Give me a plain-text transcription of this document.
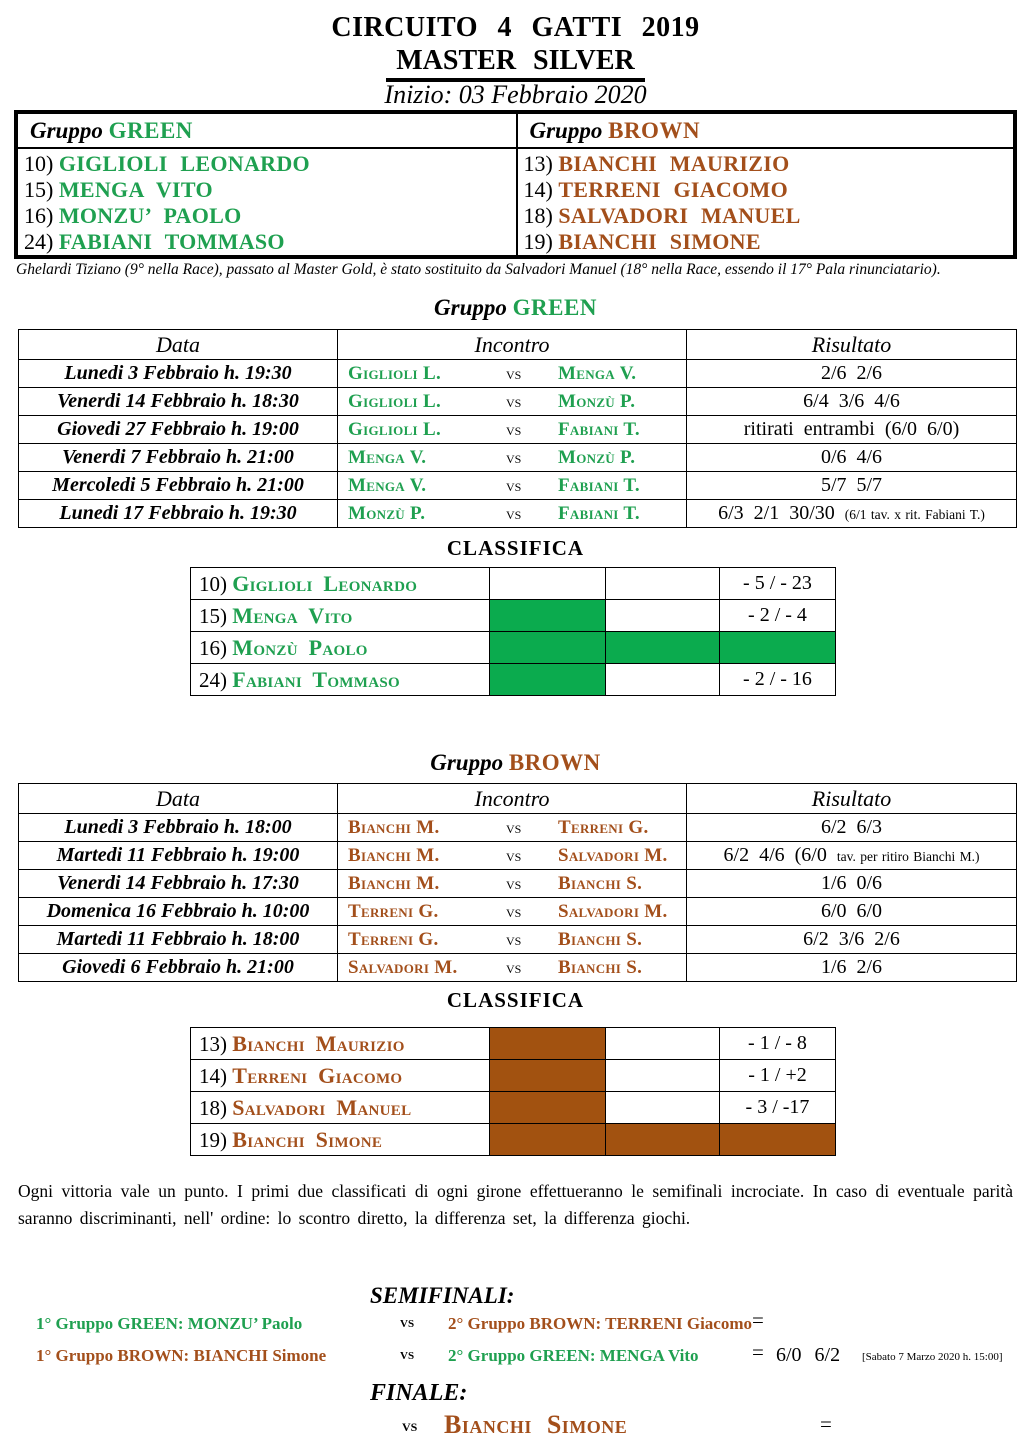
CIRCUITO 4 GATTI 2019
MASTER SILVER
Inizio: 03 Febbraio 2020
Gruppo GREEN
10) GIGLIOLI LEONARDO
15) MENGA VITO
16) MONZU’ PAOLO
24) FABIANI TOMMASO
Gruppo BROWN
13) BIANCHI MAURIZIO
14) TERRENI GIACOMO
18) SALVADORI MANUEL
19) BIANCHI SIMONE

Ghelardi Tiziano (9° nella Race), passato al Master Gold, è stato sostituito da Salvadori Manuel (18° nella Race, essendo il 17° Pala rinunciatario).

Gruppo GREEN
Data	Incontro	Risultato
Lunedi 3 Febbraio h. 19:30	Giglioli L. vs Menga V.	2/6 2/6
Venerdi 14 Febbraio h. 18:30	Giglioli L. vs Monzù P.	6/4 3/6 4/6
Giovedi 27 Febbraio h. 19:00	Giglioli L. vs Fabiani T.	ritirati entrambi (6/0 6/0)
Venerdi 7 Febbraio h. 21:00	Menga V. vs Monzù P.	0/6 4/6
Mercoledi 5 Febbraio h. 21:00	Menga V. vs Fabiani T.	5/7 5/7
Lunedi 17 Febbraio h. 19:30	Monzù P. vs Fabiani T.	6/3 2/1 30/30 (6/1 tav. x rit. Fabiani T.)
CLASSIFICA
10) Giglioli Leonardo			- 5 / - 23
15) Menga Vito			- 2 / - 4
16) Monzù Paolo			
24) Fabiani Tommaso			- 2 / - 16
Gruppo BROWN
Data	Incontro	Risultato
Lunedi 3 Febbraio h. 18:00	Bianchi M. vs Terreni G.	6/2 6/3
Martedi 11 Febbraio h. 19:00	Bianchi M. vs Salvadori M.	6/2 4/6 (6/0 tav. per ritiro Bianchi M.)
Venerdi 14 Febbraio h. 17:30	Bianchi M. vs Bianchi S.	1/6 0/6
Domenica 16 Febbraio h. 10:00	Terreni G. vs Salvadori M.	6/0 6/0
Martedi 11 Febbraio h. 18:00	Terreni G. vs Bianchi S.	6/2 3/6 2/6
Giovedi 6 Febbraio h. 21:00	Salvadori M. vs Bianchi S.	1/6 2/6
CLASSIFICA
13) Bianchi Maurizio			- 1 / - 8
14) Terreni Giacomo			- 1 / +2
18) Salvadori Manuel			- 3 / -17
19) Bianchi Simone			

Ogni vittoria vale un punto. I primi due classificati di ogni girone effettueranno le semifinali incrociate. In caso di eventuale parità saranno discriminanti, nell' ordine: lo scontro diretto, la differenza set, la differenza giochi.

SEMIFINALI:
1° Gruppo GREEN: MONZU’ Paolo	vs 2° Gruppo BROWN: TERRENI Giacomo =
1° Gruppo BROWN: BIANCHI Simone	vs 2° Gruppo GREEN: MENGA Vito	= 6/0 6/2 [Sabato 7 Marzo 2020 h. 15:00]
FINALE:
vs Bianchi Simone	=
